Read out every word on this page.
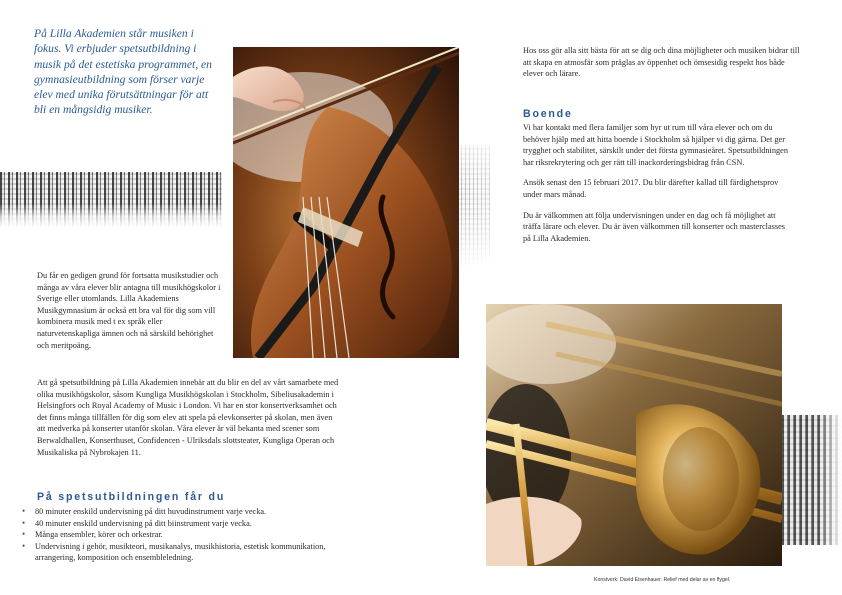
På Lilla Akademien står musiken i fokus. Vi erbjuder spetsutbildning i musik på det estetiska programmet, en gymnasieutbildning som förser varje elev med unika förutsättningar för att bli en mångsidig musiker.

Du får en gedigen grund för fortsatta musikstudier och många av våra elever blir antagna till musikhögskolor i Sverige eller utomlands. Lilla Akademiens Musikgymnasium är också ett bra val för dig som vill kombinera musik med t ex språk eller naturvetenskapliga ämnen och nå särskild behörighet och meritpoäng.

Att gå spetsutbildning på Lilla Akademien innebär att du blir en del av vårt samarbete med olika musikhögskolor, såsom Kungliga Musikhögskolan i Stockholm, Sibeliusakademin i Helsingfors och Royal Academy of Music i London. Vi har en stor konsertverksamhet och det finns många tillfällen för dig som elev att spela på elevkonserter på skolan, men även att medverka på konserter utanför skolan. Våra elever är väl bekanta med scener som Berwaldhallen, Konserthuset, Confidencen - Ulriksdals slottsteater, Kungliga Operan och Musikaliska på Nybrokajen 11.

På spetsutbildningen får du
• 80 minuter enskild undervisning på ditt huvudinstrument varje vecka.
• 40 minuter enskild undervisning på ditt biinstrument varje vecka.
• Många ensembler, körer och orkestrar.
• Undervisning i gehör, musikteori, musikanalys, musikhistoria, estetisk kommunikation, arrangering, komposition och ensembleledning.

Hos oss gör alla sitt bästa för att se dig och dina möjligheter och musiken bidrar till att skapa en atmosfär som präglas av öppenhet och ömsesidig respekt hos både elever och lärare.

Boende

Vi har kontakt med flera familjer som hyr ut rum till våra elever och om du behöver hjälp med att hitta boende i Stockholm så hjälper vi dig gärna. Det ger trygghet och stabilitet, särskilt under det första gymnasieåret. Spetsutbildningen har riksrekrytering och ger rätt till inackorderingsbidrag från CSN.

Ansök senast den 15 februari 2017. Du blir därefter kallad till färdighetsprov under mars månad.

Du är välkommen att följa undervisningen under en dag och få möjlighet att träffa lärare och elever. Du är även välkommen till konserter och masterclasses på Lilla Akademien.

Konstverk: David Eisenhauer. Relief med delar av en flygel.
